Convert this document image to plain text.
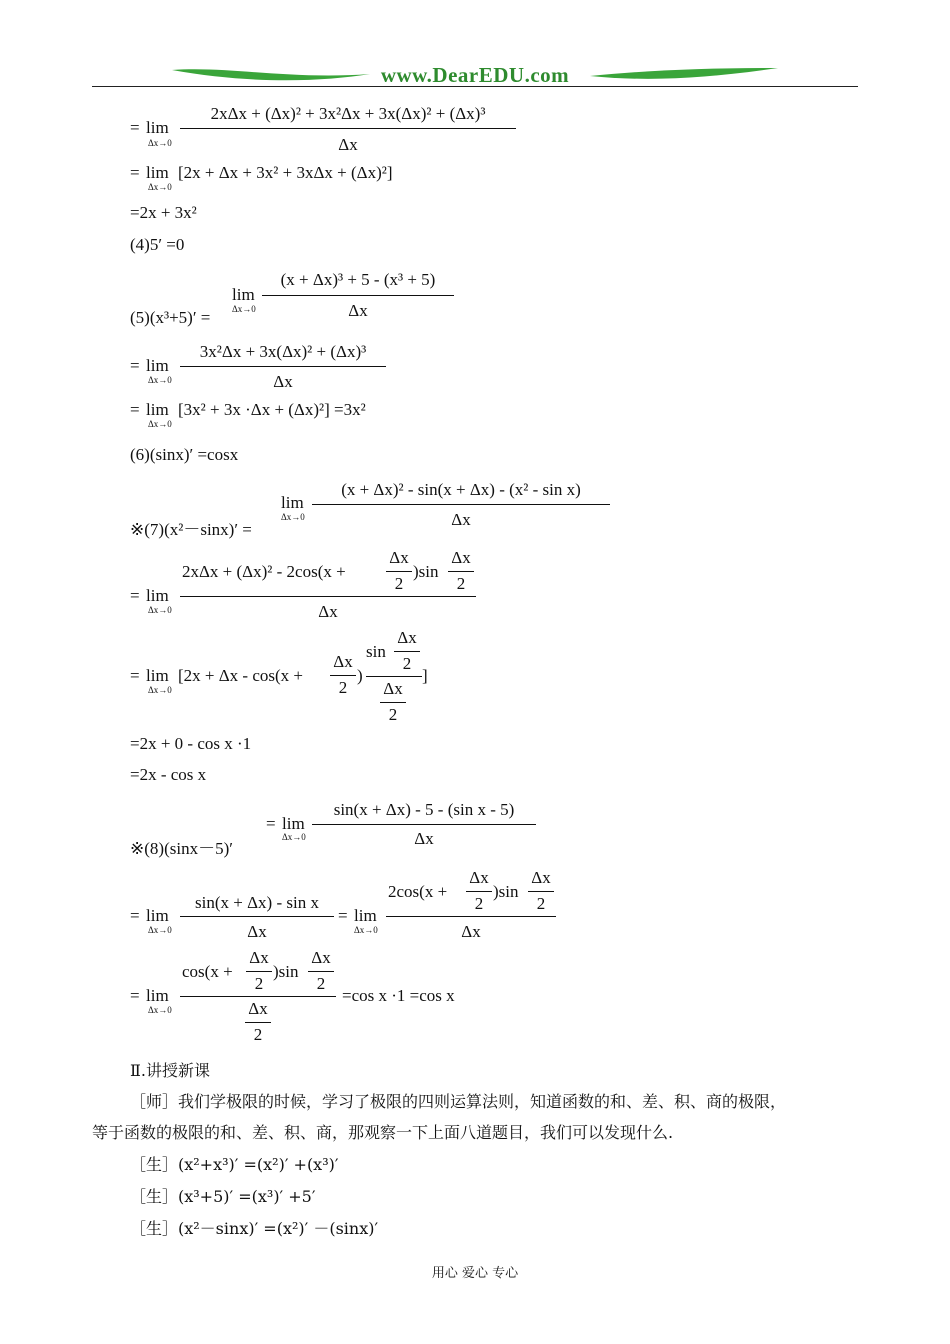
www.DearEDU.com
= lim
Δx→0
2xΔx + (Δx)² + 3x²Δx + 3x(Δx)² + (Δx)³
Δx
= lim
Δx→0
[2x + Δx + 3x² + 3xΔx + (Δx)²]
=2x + 3x²
(4)5′ =0
(5)(x³+5)′ =
lim
Δx→0
(x + Δx)³ + 5 - (x³ + 5)
Δx
= lim
Δx→0
3x²Δx + 3x(Δx)² + (Δx)³
Δx
= lim
Δx→0
[3x² + 3x ·Δx + (Δx)²] =3x²
(6)(sinx)′ =cosx
※(7)(x²－sinx)′ =
lim
Δx→0
(x + Δx)² - sin(x + Δx) - (x² - sin x)
Δx
= lim
Δx→0
2xΔx + (Δx)² - 2cos(x +
Δx
2
)sin
Δx
2
Δx
= lim
Δx→0
[2x + Δx - cos(x +
Δx
2
)
sin
Δx
2
Δx
2
]
=2x + 0 - cos x ·1
=2x - cos x
※(8)(sinx－5)′
= lim
Δx→0
sin(x + Δx) - 5 - (sin x - 5)
Δx
= lim
Δx→0
sin(x + Δx) - sin x
Δx
= lim
Δx→0
2cos(x +
Δx
2
)sin
Δx
2
Δx
= lim
Δx→0
cos(x +
Δx
2
)sin
Δx
2
Δx
2
=cos x ·1 =cos x
Ⅱ.讲授新课
［师］我们学极限的时候，学习了极限的四则运算法则，知道函数的和、差、积、商的极限，
等于函数的极限的和、差、积、商，那观察一下上面八道题目，我们可以发现什么.
［生］(x²+x³)′ =(x²)′ +(x³)′
［生］(x³+5)′ =(x³)′ +5′
［生］(x²－sinx)′ =(x²)′ －(sinx)′
用心 爱心 专心
